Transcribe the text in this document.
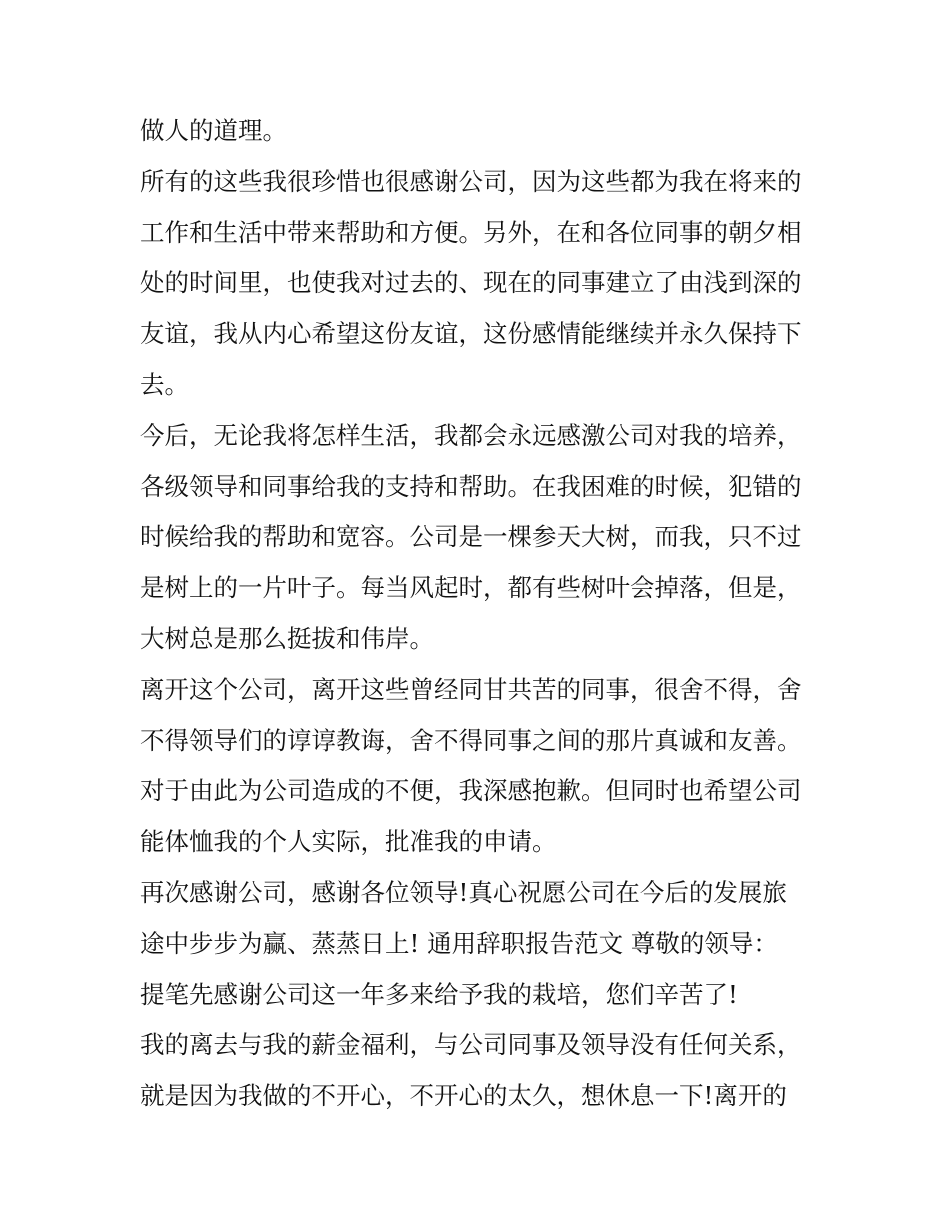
做人的道理。
所有的这些我很珍惜也很感谢公司，因为这些都为我在将来的
工作和生活中带来帮助和方便。另外，在和各位同事的朝夕相
处的时间里，也使我对过去的、现在的同事建立了由浅到深的
友谊，我从内心希望这份友谊，这份感情能继续并永久保持下
去。
今后，无论我将怎样生活，我都会永远感激公司对我的培养，
各级领导和同事给我的支持和帮助。在我困难的时候，犯错的
时候给我的帮助和宽容。公司是一棵参天大树，而我，只不过
是树上的一片叶子。每当风起时，都有些树叶会掉落，但是，
大树总是那么挺拔和伟岸。
离开这个公司，离开这些曾经同甘共苦的同事，很舍不得，舍
不得领导们的谆谆教诲，舍不得同事之间的那片真诚和友善。
对于由此为公司造成的不便，我深感抱歉。但同时也希望公司
能体恤我的个人实际，批准我的申请。
再次感谢公司，感谢各位领导!真心祝愿公司在今后的发展旅
途中步步为赢、蒸蒸日上! 通用辞职报告范文 尊敬的领导：
提笔先感谢公司这一年多来给予我的栽培，您们辛苦了!
我的离去与我的薪金福利，与公司同事及领导没有任何关系，
就是因为我做的不开心，不开心的太久，想休息一下!离开的
